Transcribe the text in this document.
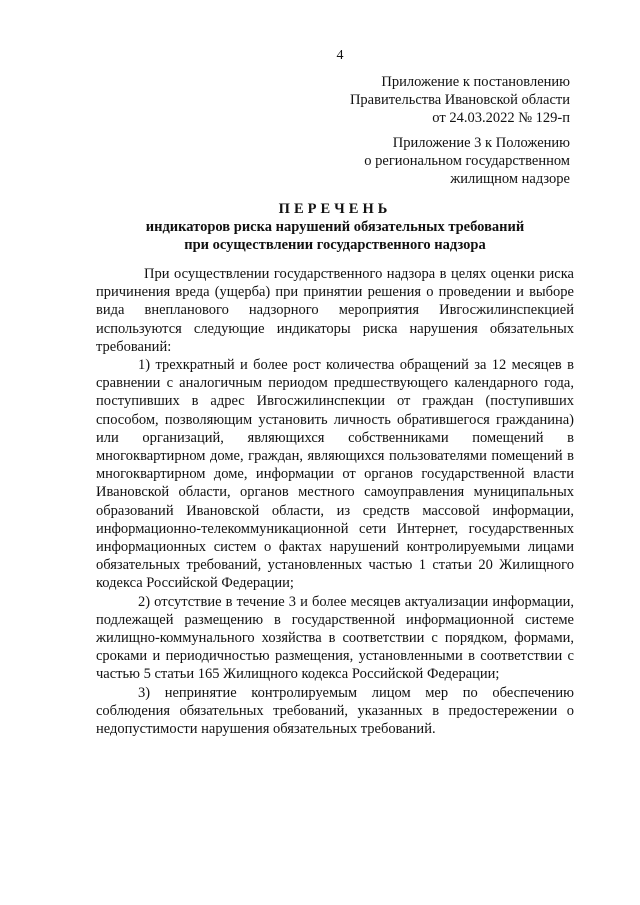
4
Приложение к постановлению
Правительства Ивановской области
от 24.03.2022 № 129-п
Приложение 3 к Положению
о региональном государственном
жилищном надзоре
ПЕРЕЧЕНЬ
индикаторов риска нарушений обязательных требований
при осуществлении государственного надзора

При осуществлении государственного надзора в целях оценки риска причинения вреда (ущерба) при принятии решения о проведении и выборе вида внепланового надзорного мероприятия Ивгосжилинспекцией используются следующие индикаторы риска нарушения обязательных требований:

1) трехкратный и более рост количества обращений за 12 месяцев в сравнении с аналогичным периодом предшествующего календарного года, поступивших в адрес Ивгосжилинспекции от граждан (поступивших способом, позволяющим установить личность обратившегося гражданина) или организаций, являющихся собственниками помещений в многоквартирном доме, граждан, являющихся пользователями помещений в многоквартирном доме, информации от органов государственной власти Ивановской области, органов местного самоуправления муниципальных образований Ивановской области, из средств массовой информации, информационно-телекоммуникационной сети Интернет, государственных информационных систем о фактах нарушений контролируемыми лицами обязательных требований, установленных частью 1 статьи 20 Жилищного кодекса Российской Федерации;

2) отсутствие в течение 3 и более месяцев актуализации информации, подлежащей размещению в государственной информационной системе жилищно-коммунального хозяйства в соответствии с порядком, формами, сроками и периодичностью размещения, установленными в соответствии с частью 5 статьи 165 Жилищного кодекса Российской Федерации;

3) непринятие контролируемым лицом мер по обеспечению соблюдения обязательных требований, указанных в предостережении о недопустимости нарушения обязательных требований.
